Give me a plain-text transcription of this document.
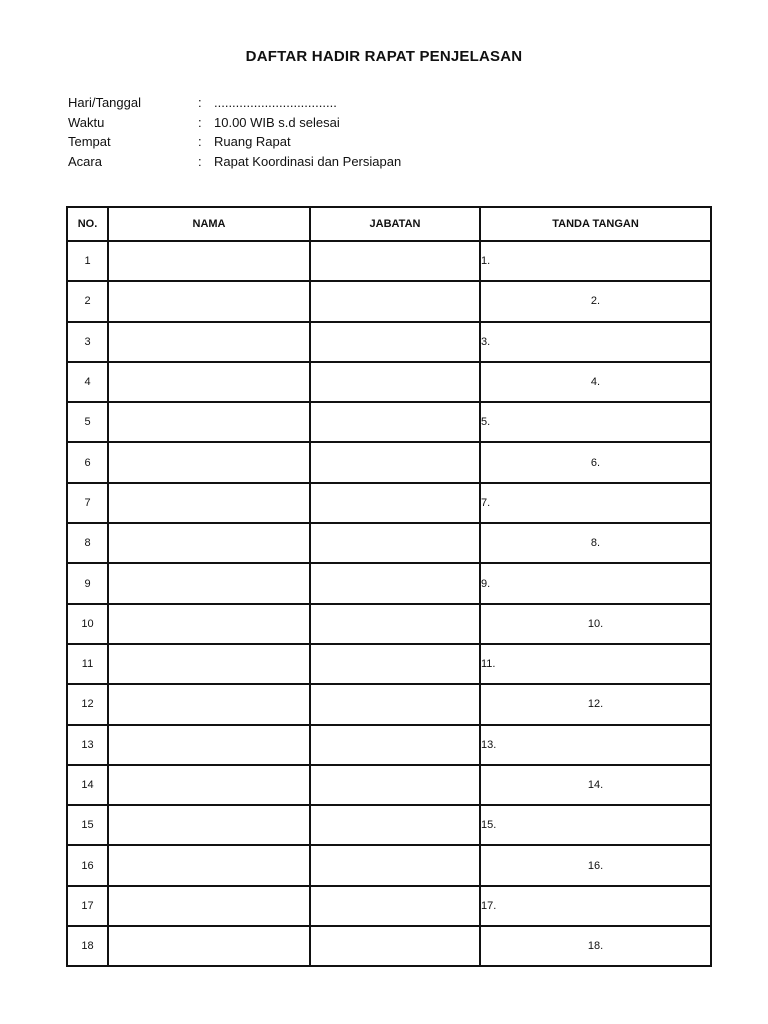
DAFTAR HADIR RAPAT PENJELASAN
Hari/Tanggal	: ..................................
Waktu	: 10.00 WIB s.d selesai
Tempat	: Ruang Rapat
Acara	: Rapat Koordinasi dan Persiapan
NO.	NAMA	JABATAN	TANDA TANGAN
1			1.
2			2.
3			3.
4			4.
5			5.
6			6.
7			7.
8			8.
9			9.
10			10.
11			11.
12			12.
13			13.
14			14.
15			15.
16			16.
17			17.
18			18.
